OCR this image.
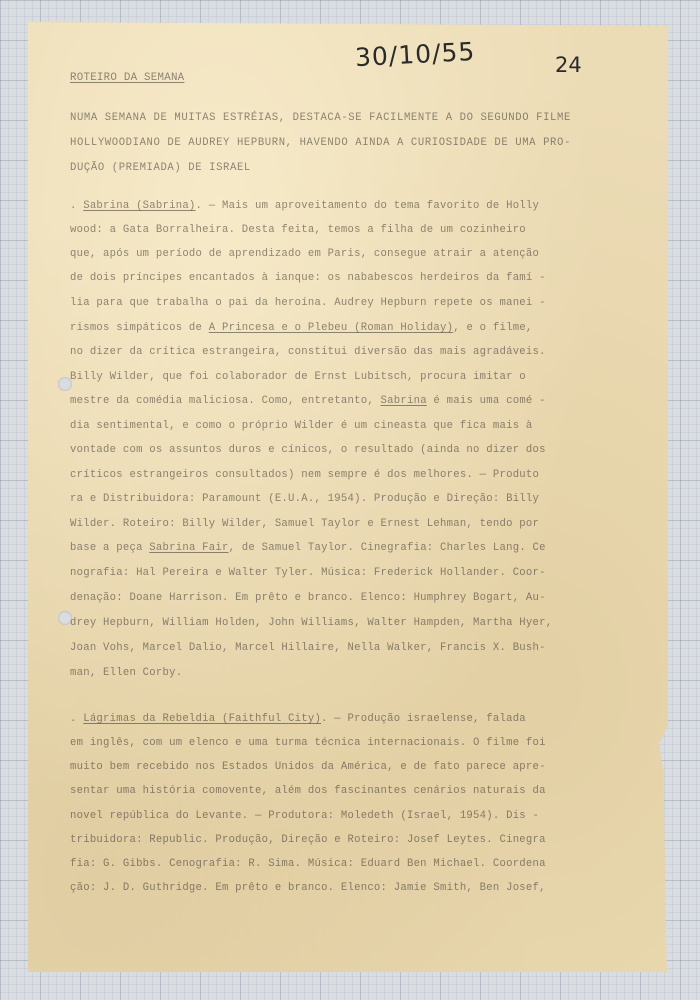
30/10/55	24

ROTEIRO DA SEMANA

NUMA SEMANA DE MUITAS ESTRÉIAS, DESTACA-SE FACILMENTE A DO SEGUNDO FILME

HOLLYWOODIANO DE AUDREY HEPBURN, HAVENDO AINDA A CURIOSIDADE DE UMA PRO-

DUÇÃO (PREMIADA) DE ISRAEL

. Sabrina (Sabrina). — Mais um aproveitamento do tema favorito de Holly

wood: a Gata Borralheira. Desta feita, temos a filha de um cozinheiro

que, após um período de aprendizado em Paris, consegue atrair a atenção

de dois príncipes encantados à ianque: os nababescos herdeiros da famí -

lia para que trabalha o pai da heroína. Audrey Hepburn repete os manei -

rismos simpáticos de A Princesa e o Plebeu (Roman Holiday), e o filme,

no dizer da crítica estrangeira, constitui diversão das mais agradáveis.

Billy Wilder, que foi colaborador de Ernst Lubitsch, procura imitar o

mestre da comédia maliciosa. Como, entretanto, Sabrina é mais uma comé -

dia sentimental, e como o próprio Wilder é um cineasta que fica mais à

vontade com os assuntos duros e cínicos, o resultado (ainda no dizer dos

críticos estrangeiros consultados) nem sempre é dos melhores. — Produto

ra e Distribuidora: Paramount (E.U.A., 1954). Produção e Direção: Billy

Wilder. Roteiro: Billy Wilder, Samuel Taylor e Ernest Lehman, tendo por

base a peça Sabrina Fair, de Samuel Taylor. Cinegrafia: Charles Lang. Ce

nografia: Hal Pereira e Walter Tyler. Música: Frederick Hollander. Coor-

denação: Doane Harrison. Em prêto e branco. Elenco: Humphrey Bogart, Au-

drey Hepburn, William Holden, John Williams, Walter Hampden, Martha Hyer,

Joan Vohs, Marcel Dalio, Marcel Hillaire, Nella Walker, Francis X. Bush-

man, Ellen Corby.

. Lágrimas da Rebeldia (Faithful City). — Produção israelense, falada

em inglês, com um elenco e uma turma técnica internacionais. O filme foi

muito bem recebido nos Estados Unidos da América, e de fato parece apre-

sentar uma história comovente, além dos fascinantes cenários naturais da

novel república do Levante. — Produtora: Moledeth (Israel, 1954). Dis -

tribuidora: Republic. Produção, Direção e Roteiro: Josef Leytes. Cinegra

fia: G. Gibbs. Cenografia: R. Sima. Música: Eduard Ben Michael. Coordena

ção: J. D. Guthridge. Em prêto e branco. Elenco: Jamie Smith, Ben Josef,
